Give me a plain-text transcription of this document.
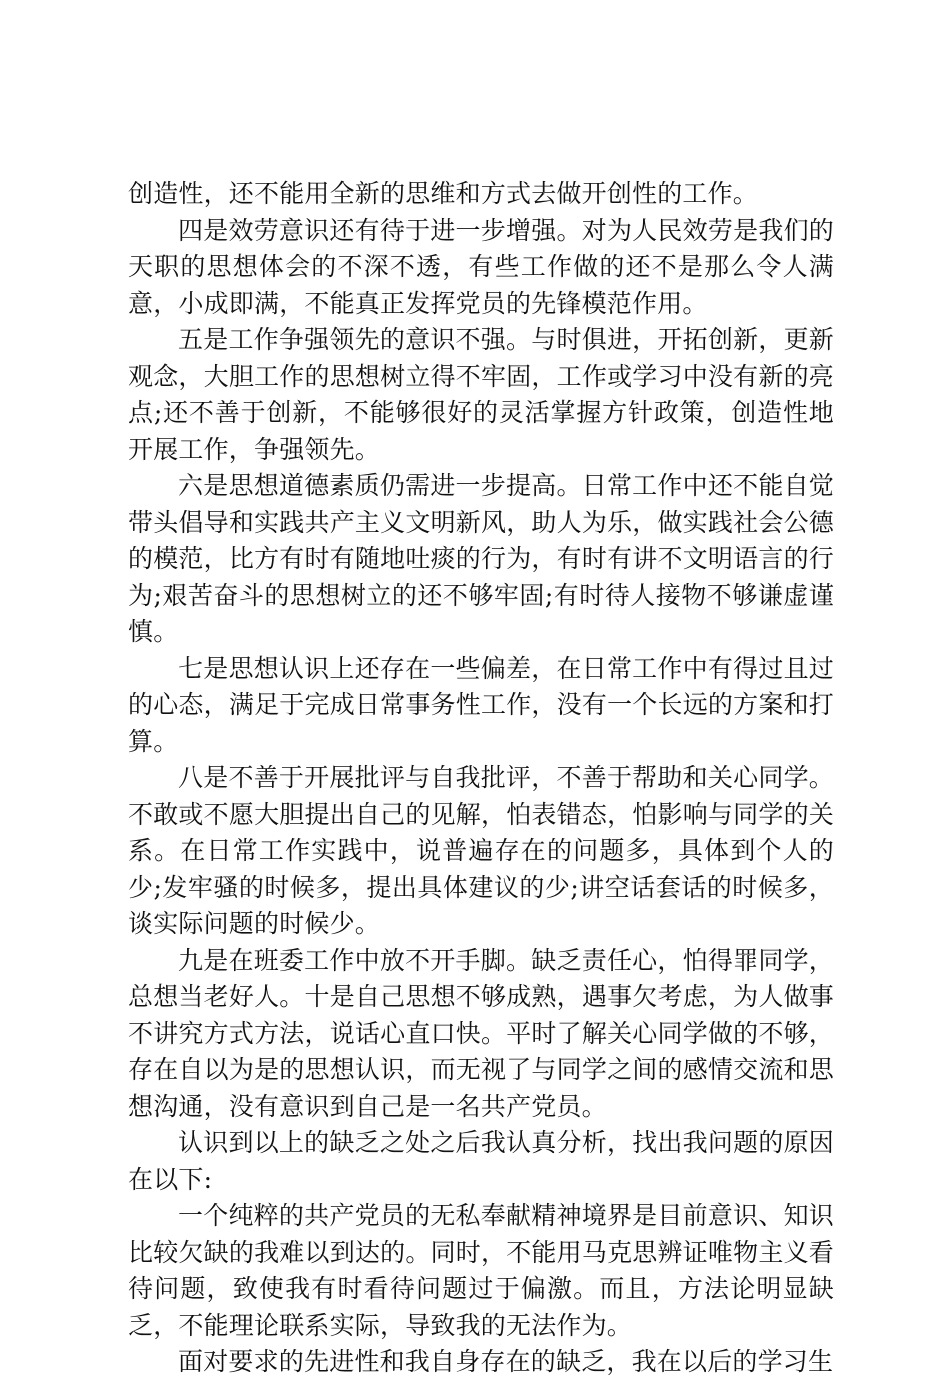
创造性，还不能用全新的思维和方式去做开创性的工作。

四是效劳意识还有待于进一步增强。对为人民效劳是我们的天职的思想体会的不深不透，有些工作做的还不是那么令人满意，小成即满，不能真正发挥党员的先锋模范作用。

五是工作争强领先的意识不强。与时俱进，开拓创新，更新观念，大胆工作的思想树立得不牢固，工作或学习中没有新的亮点;还不善于创新，不能够很好的灵活掌握方针政策，创造性地开展工作，争强领先。

六是思想道德素质仍需进一步提高。日常工作中还不能自觉带头倡导和实践共产主义文明新风，助人为乐，做实践社会公德的模范，比方有时有随地吐痰的行为，有时有讲不文明语言的行为;艰苦奋斗的思想树立的还不够牢固;有时待人接物不够谦虚谨慎。

七是思想认识上还存在一些偏差，在日常工作中有得过且过的心态，满足于完成日常事务性工作，没有一个长远的方案和打算。

八是不善于开展批评与自我批评，不善于帮助和关心同学。不敢或不愿大胆提出自己的见解，怕表错态，怕影响与同学的关系。在日常工作实践中，说普遍存在的问题多，具体到个人的少;发牢骚的时候多，提出具体建议的少;讲空话套话的时候多，谈实际问题的时候少。

九是在班委工作中放不开手脚。缺乏责任心，怕得罪同学，总想当老好人。十是自己思想不够成熟，遇事欠考虑，为人做事不讲究方式方法，说话心直口快。平时了解关心同学做的不够，存在自以为是的思想认识，而无视了与同学之间的感情交流和思想沟通，没有意识到自己是一名共产党员。

认识到以上的缺乏之处之后我认真分析，找出我问题的原因在以下:

一个纯粹的共产党员的无私奉献精神境界是目前意识、知识比较欠缺的我难以到达的。同时，不能用马克思辨证唯物主义看待问题，致使我有时看待问题过于偏激。而且，方法论明显缺乏，不能理论联系实际，导致我的无法作为。

面对要求的先进性和我自身存在的缺乏，我在以后的学习生
